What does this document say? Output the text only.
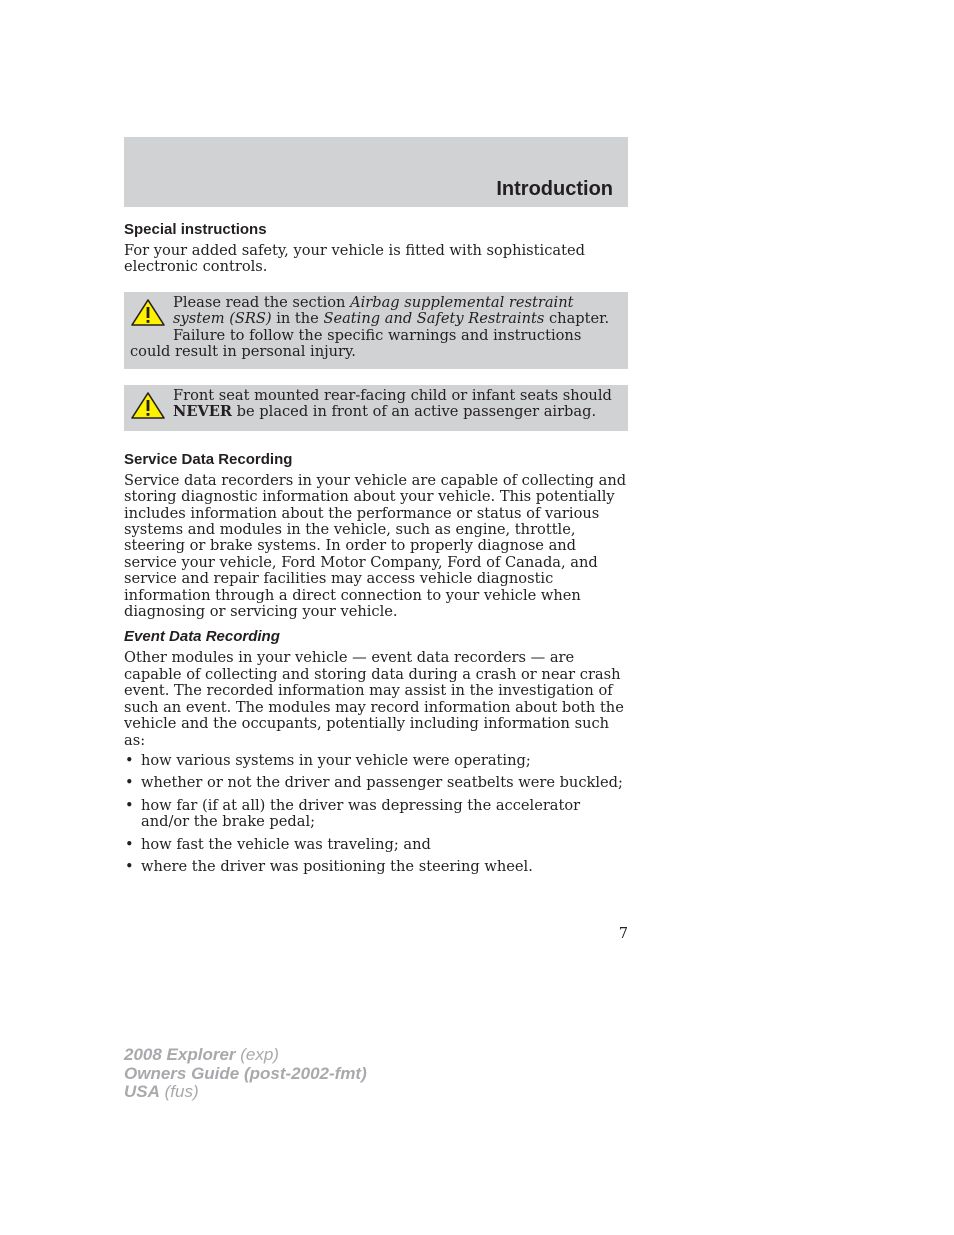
Introduction
Special instructions

For your added safety, your vehicle is fitted with sophisticated electronic controls.

Please read the section Airbag supplemental restraint system (SRS) in the Seating and Safety Restraints chapter. Failure to follow the specific warnings and instructions could result in personal injury.
Front seat mounted rear-facing child or infant seats should NEVER be placed in front of an active passenger airbag.
Service Data Recording

Service data recorders in your vehicle are capable of collecting and storing diagnostic information about your vehicle. This potentially includes information about the performance or status of various systems and modules in the vehicle, such as engine, throttle, steering or brake systems. In order to properly diagnose and service your vehicle, Ford Motor Company, Ford of Canada, and service and repair facilities may access vehicle diagnostic information through a direct connection to your vehicle when diagnosing or servicing your vehicle.

Event Data Recording

Other modules in your vehicle — event data recorders — are capable of collecting and storing data during a crash or near crash event. The recorded information may assist in the investigation of such an event. The modules may record information about both the vehicle and the occupants, potentially including information such as:

• how various systems in your vehicle were operating;
• whether or not the driver and passenger seatbelts were buckled;
• how far (if at all) the driver was depressing the accelerator and/or the brake pedal;
• how fast the vehicle was traveling; and
• where the driver was positioning the steering wheel.
7
2008 Explorer (exp)
Owners Guide (post-2002-fmt)
USA (fus)
